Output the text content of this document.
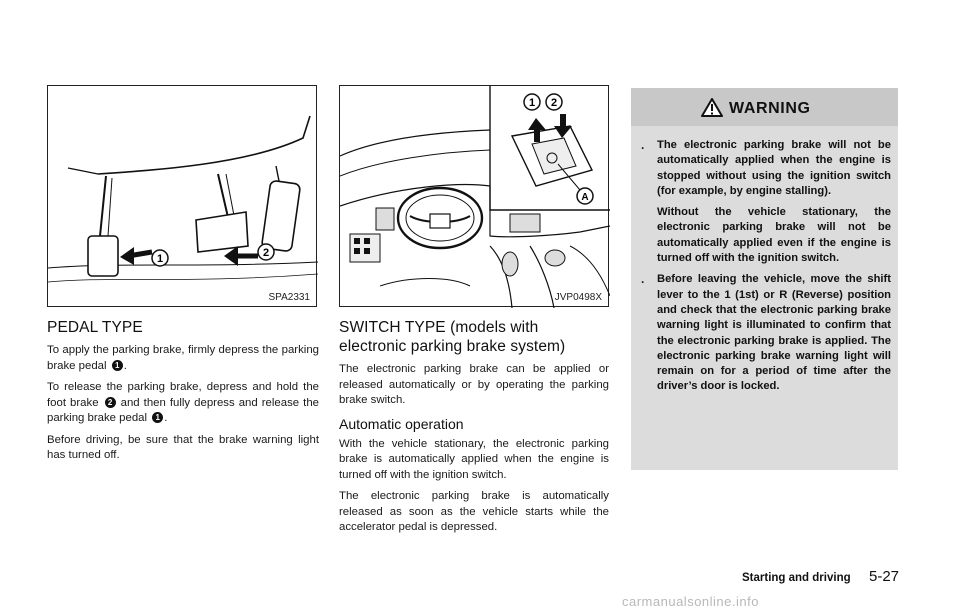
1	2
SPA2331
1 2
A
JVP0498X
PEDAL TYPE

To apply the parking brake, firmly depress the parking brake pedal 1 .

To release the parking brake, depress and hold the foot brake 2 and then fully depress and release the parking brake pedal 1 .

Before driving, be sure that the brake warning light has turned off.

SWITCH TYPE (models with electronic parking brake system)

The electronic parking brake can be applied or released automatically or by operating the parking brake switch.

Automatic operation

With the vehicle stationary, the electronic parking brake is automatically applied when the engine is turned off with the ignition switch.

The electronic parking brake is automatically released as soon as the vehicle starts while the accelerator pedal is depressed.

WARNING
. The electronic parking brake will not be automatically applied when the engine is stopped without using the ignition switch (for example, by engine stalling).

Without the vehicle stationary, the electronic parking brake will not be automatically applied even if the engine is turned off with the ignition switch.

. Before leaving the vehicle, move the shift lever to the 1 (1st) or R (Reverse) position and check that the electronic parking brake warning light is illuminated to confirm that the electronic parking brake is applied. The electronic parking brake warning light will remain on for a period of time after the driver’s door is locked.

Starting and driving 5-27
carmanualsonline.info
